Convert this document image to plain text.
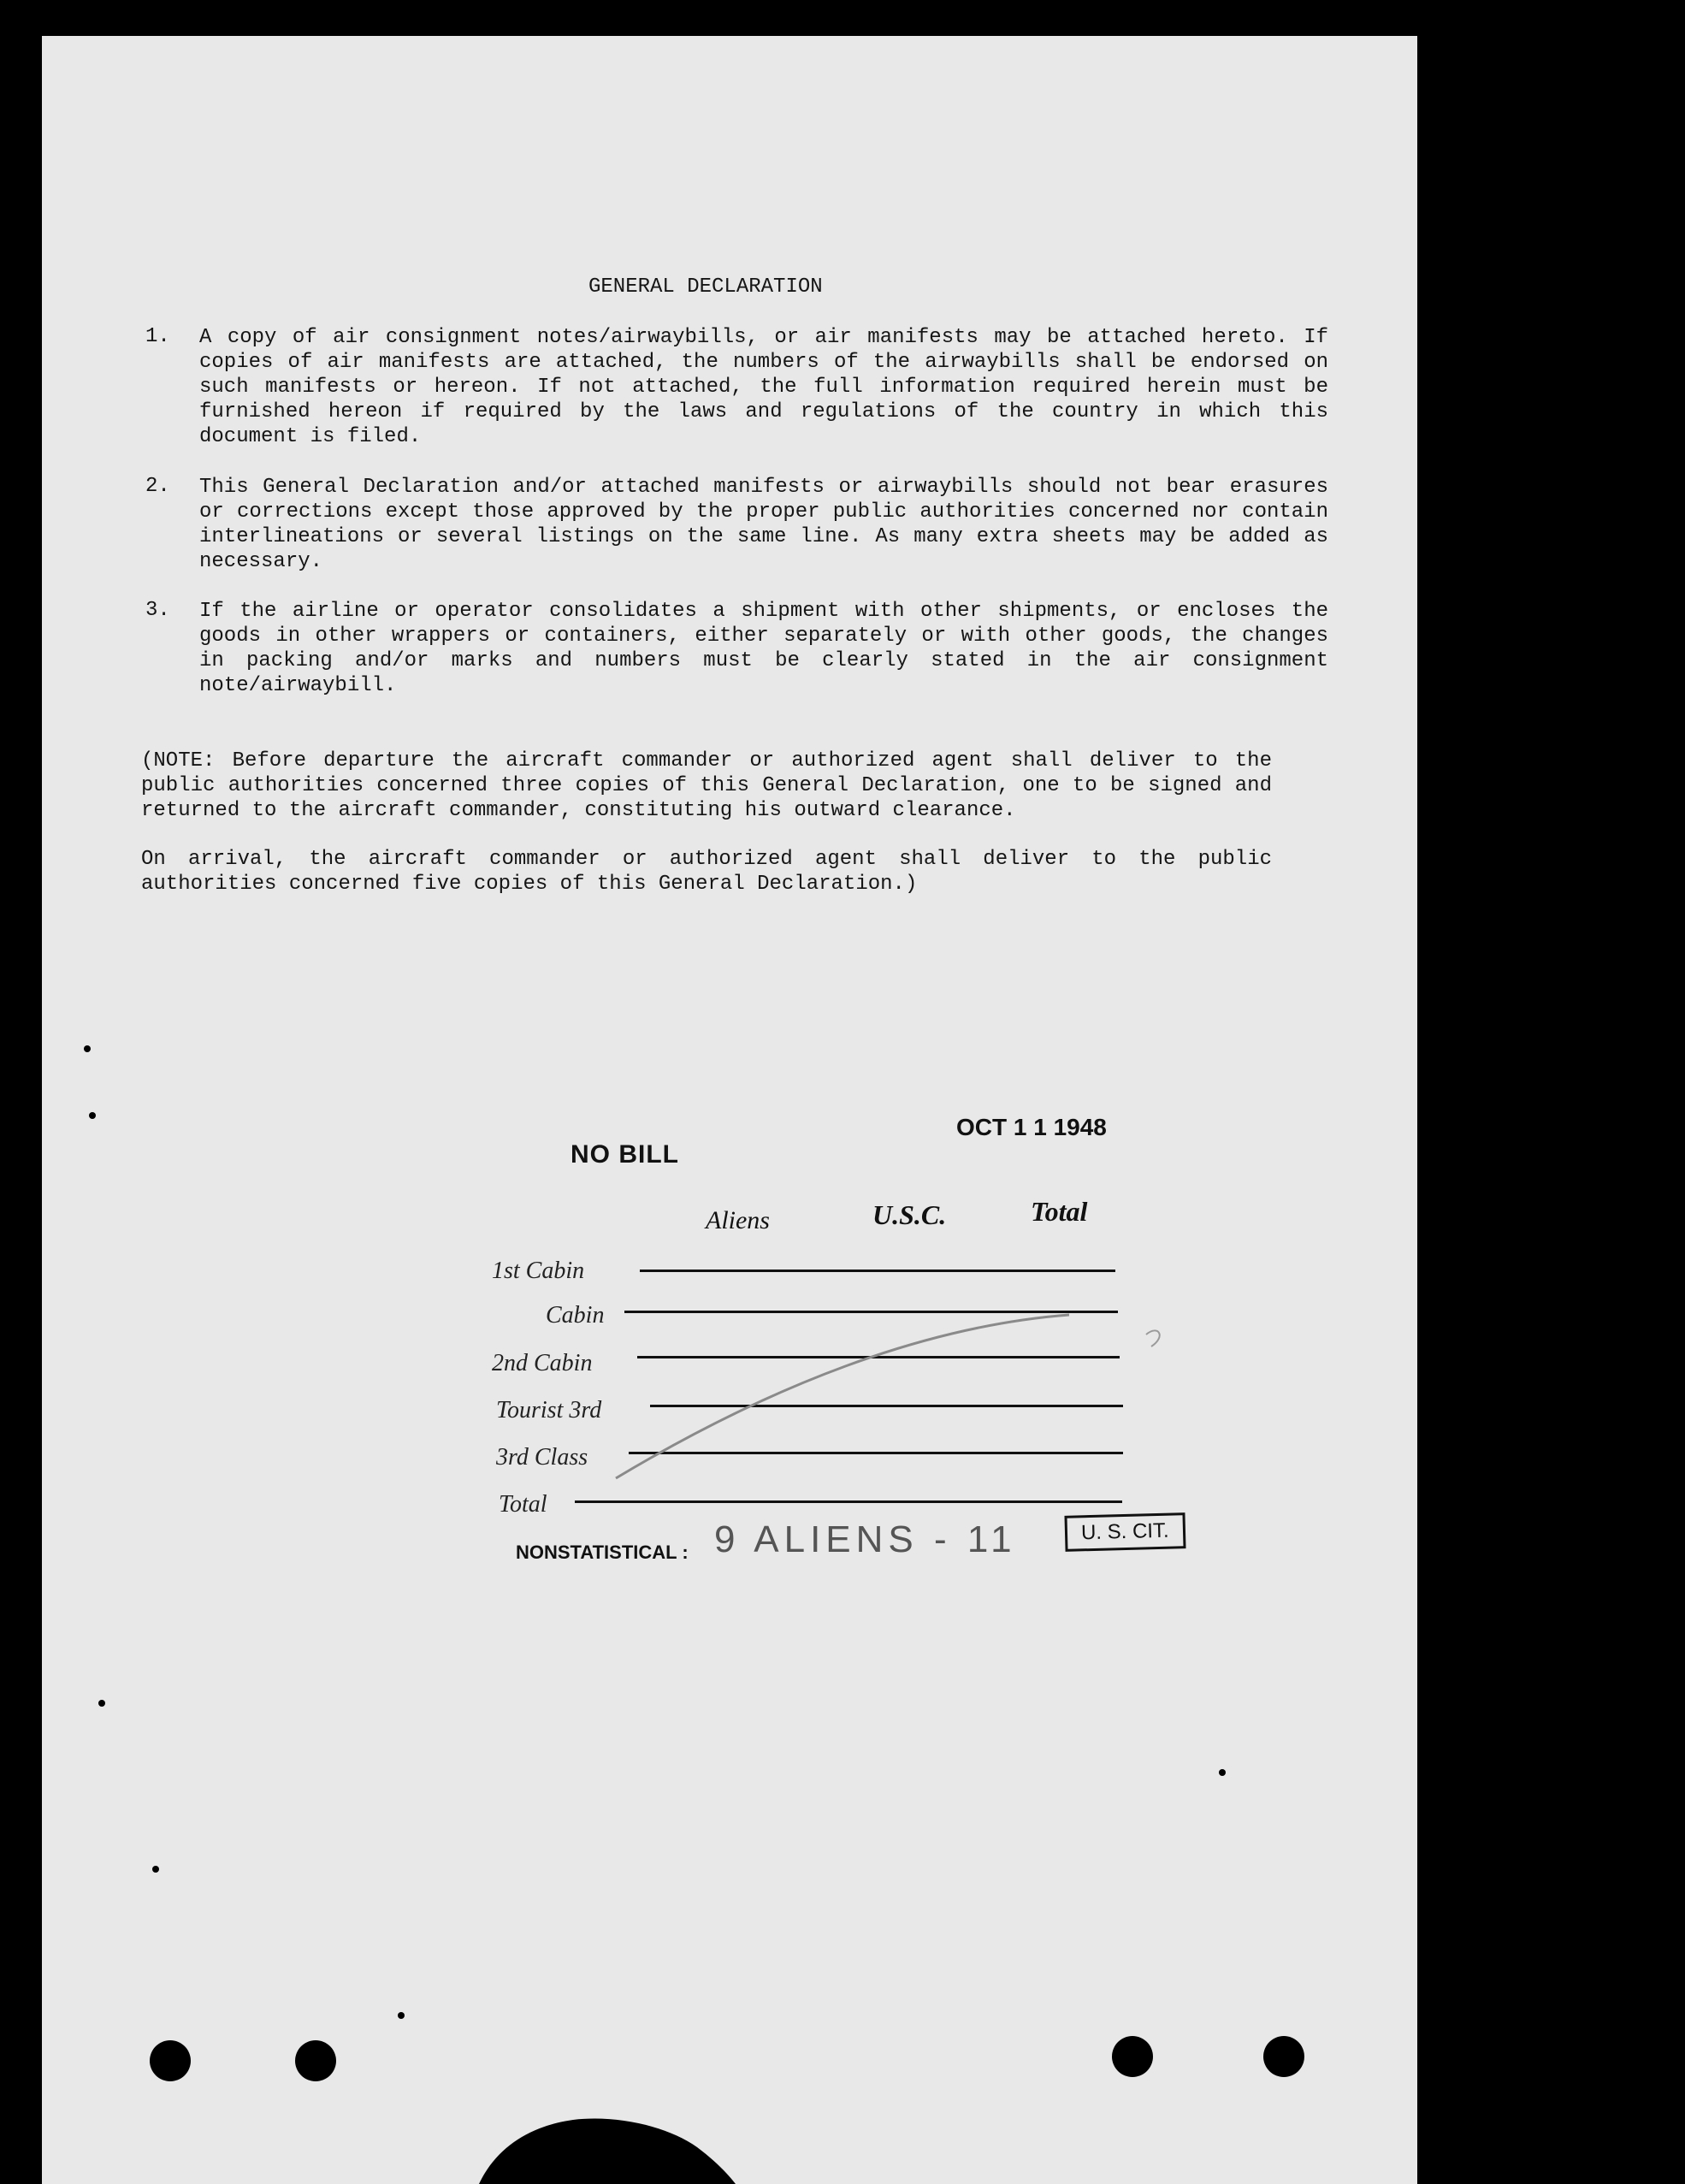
GENERAL DECLARATION
1. A copy of air consignment notes/airwaybills, or air manifests may be attached hereto. If copies of air manifests are attached, the numbers of the airwaybills shall be endorsed on such manifests or hereon. If not attached, the full information required herein must be furnished hereon if required by the laws and regulations of the country in which this document is filed.
2. This General Declaration and/or attached manifests or airwaybills should not bear erasures or corrections except those approved by the proper public authorities concerned nor contain interlineations or several listings on the same line. As many extra sheets may be added as necessary.
3. If the airline or operator consolidates a shipment with other shipments, or encloses the goods in other wrappers or containers, either separately or with other goods, the changes in packing and/or marks and numbers must be clearly stated in the air consignment note/airwaybill.
(NOTE: Before departure the aircraft commander or authorized agent shall deliver to the public authorities concerned three copies of this General Declaration, one to be signed and returned to the aircraft commander, constituting his outward clearance.
On arrival, the aircraft commander or authorized agent shall deliver to the public authorities concerned five copies of this General Declaration.)
NO BILL
OCT 1 1 1948
Aliens	U.S.C.	Total
1st Cabin
Cabin
2nd Cabin
Tourist 3rd
3rd Class
Total
NONSTATISTICAL : 9 ALIENS - 11	U. S. CIT.
